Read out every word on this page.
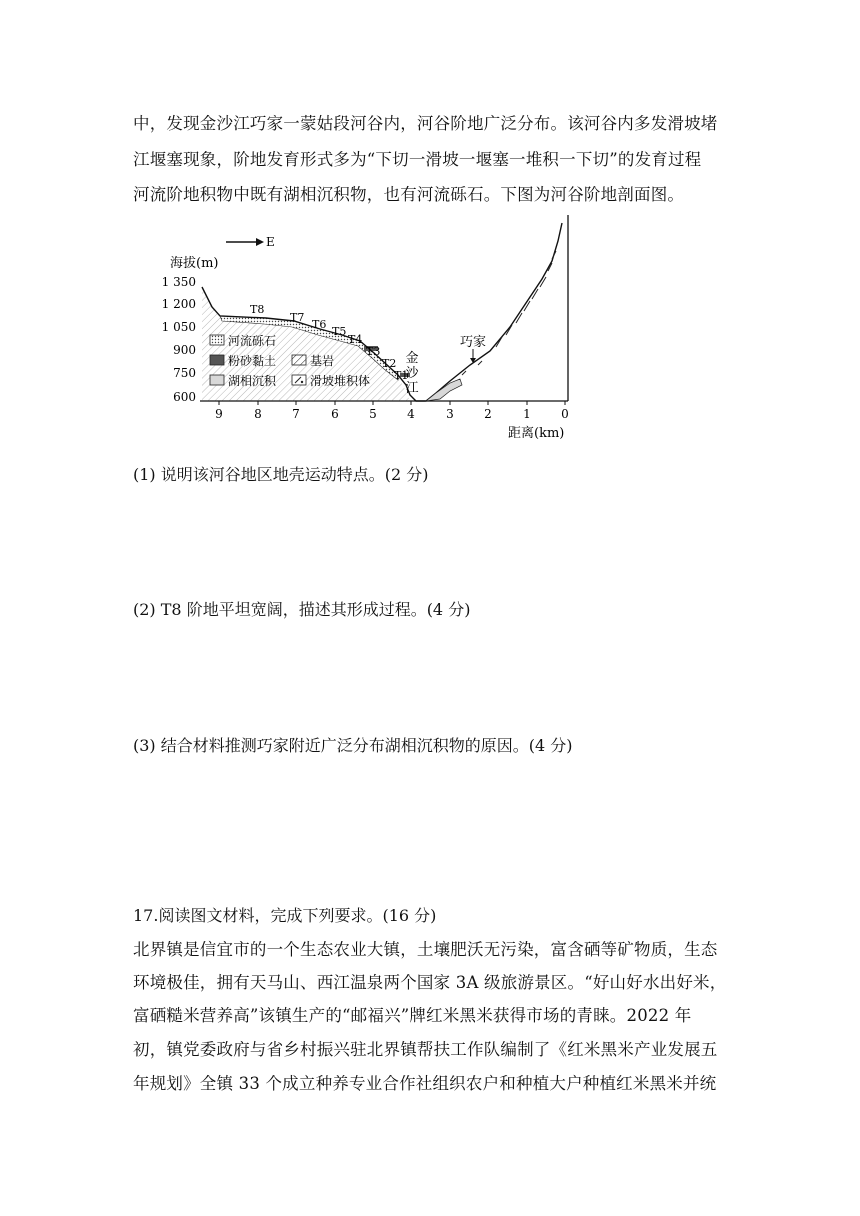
中，发现金沙江巧家一蒙姑段河谷内，河谷阶地广泛分布。该河谷内多发滑坡堵
江堰塞现象，阶地发育形式多为“下切一滑坡一堰塞一堆积一下切”的发育过程
河流阶地积物中既有湖相沉积物，也有河流砾石。下图为河谷阶地剖面图。
E
海拔(m)
1 350
1 200
1 050
900
750
600
9	8	7	6	5	4	3	2	1	0
距离(km)
T8
T7
T6
T5
T4
T3
T2
T1
金
沙
江
巧家
河流砾石
粉砂黏土	基岩
湖相沉积	滑坡堆积体
(1) 说明该河谷地区地壳运动特点。(2 分)
(2) T8 阶地平坦宽阔，描述其形成过程。(4 分)
(3) 结合材料推测巧家附近广泛分布湖相沉积物的原因。(4 分)
17.阅读图文材料，完成下列要求。(16 分)
北界镇是信宜市的一个生态农业大镇，土壤肥沃无污染，富含硒等矿物质，生态
环境极佳，拥有天马山、西江温泉两个国家 3A 级旅游景区。“好山好水出好米，
富硒糙米营养高”该镇生产的“邮福兴”牌红米黑米获得市场的青睐。2022 年
初，镇党委政府与省乡村振兴驻北界镇帮扶工作队编制了《红米黑米产业发展五
年规划》全镇 33 个成立种养专业合作社组织农户和种植大户种植红米黑米并统
